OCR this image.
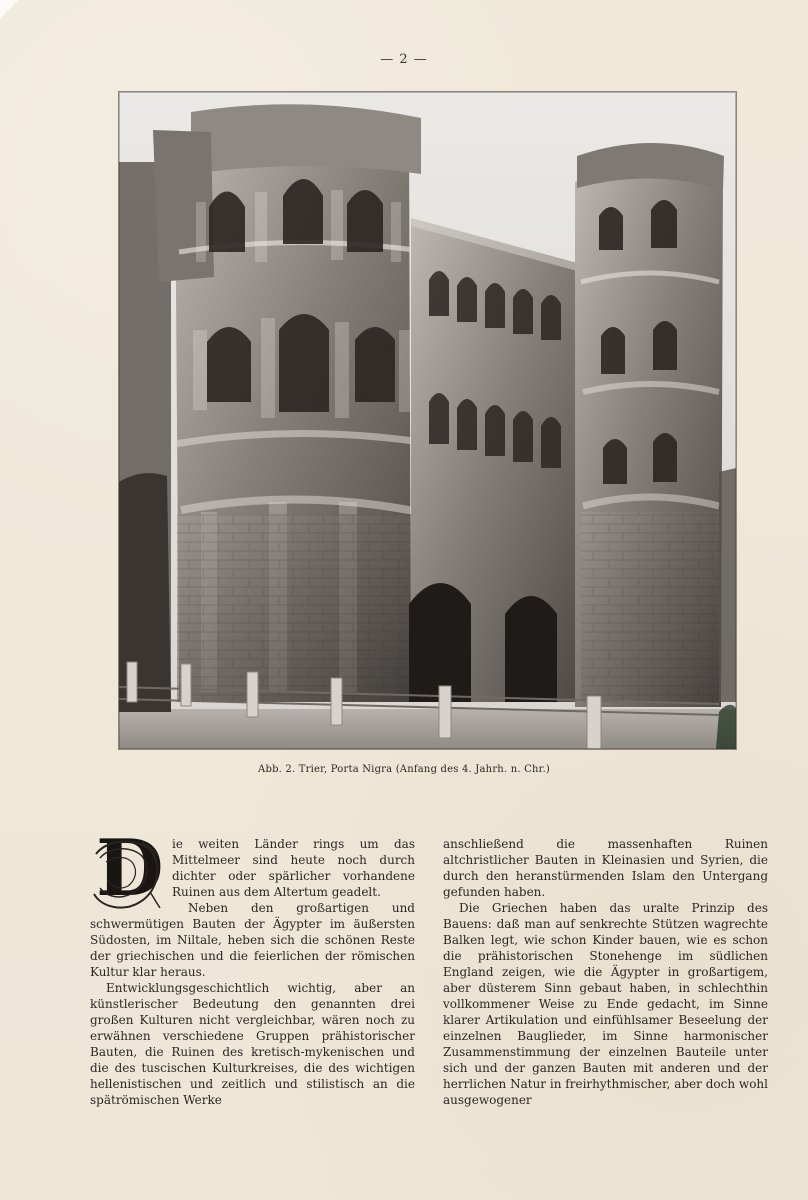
— 2 —
Abb. 2. Trier, Porta Nigra (Anfang des 4. Jahrh. n. Chr.)
D ie weiten Länder rings um das Mittelmeer sind heute noch durch dichter oder spärlicher vorhandene Ruinen aus dem Altertum geadelt.

Neben den großartigen und schwermütigen Bauten der Ägypter im äußersten Südosten, im Niltale, heben sich die schönen Reste der griechischen und die feierlichen der römischen Kultur klar heraus.

Entwicklungsgeschichtlich wichtig, aber an künstlerischer Bedeutung den genannten drei großen Kulturen nicht vergleichbar, wären noch zu erwähnen verschiedene Gruppen prähistorischer Bauten, die Ruinen des kretisch-mykenischen und die des tuscischen Kulturkreises, die des wichtigen hellenistischen und zeitlich und stilistisch an die spätrömischen Werke

anschließend die massenhaften Ruinen altchristlicher Bauten in Kleinasien und Syrien, die durch den heranstürmenden Islam den Untergang gefunden haben.

Die Griechen haben das uralte Prinzip des Bauens: daß man auf senkrechte Stützen wagrechte Balken legt, wie schon Kinder bauen, wie es schon die prähistorischen Stonehenge im südlichen England zeigen, wie die Ägypter in großartigem, aber düsterem Sinn gebaut haben, in schlechthin vollkommener Weise zu Ende gedacht, im Sinne klarer Artikulation und einfühlsamer Beseelung der einzelnen Bauglieder, im Sinne harmonischer Zusammenstimmung der einzelnen Bauteile unter sich und der ganzen Bauten mit anderen und der herrlichen Natur in freirhythmischer, aber doch wohl ausgewogener
